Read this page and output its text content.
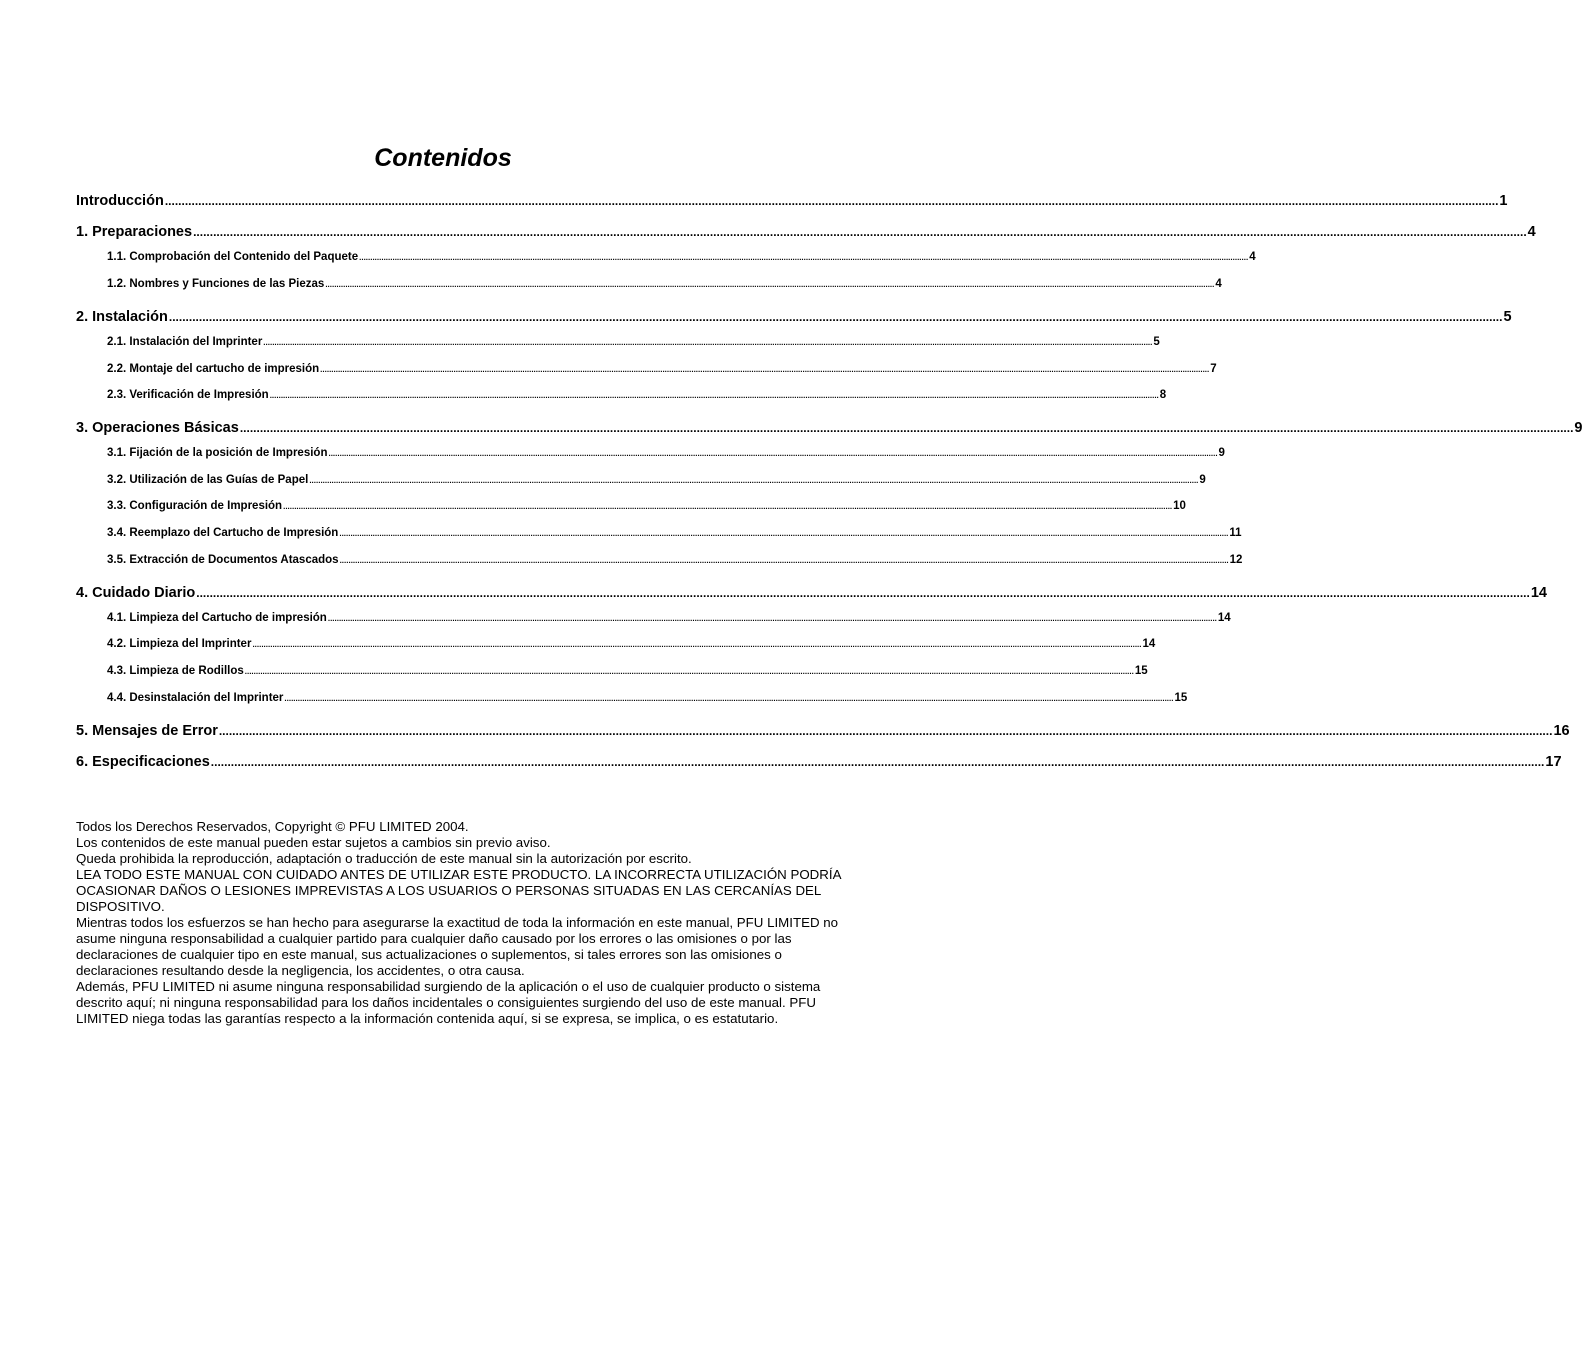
Contenidos
Introducción ................................................................................................................................................................................................................................................................................................................................................................................................................ 1
1. Preparaciones ................................................................................................................................................................................................................................................................................................................................................................................................................ 4
1.1. Comprobación del Contenido del Paquete ................................................................................................................................................................................................................................................................................................................................................................................................................ 4
1.2. Nombres y Funciones de las Piezas ................................................................................................................................................................................................................................................................................................................................................................................................................ 4
2. Instalación ................................................................................................................................................................................................................................................................................................................................................................................................................ 5
2.1. Instalación del Imprinter ................................................................................................................................................................................................................................................................................................................................................................................................................ 5
2.2. Montaje del cartucho de impresión ................................................................................................................................................................................................................................................................................................................................................................................................................ 7
2.3. Verificación de Impresión ................................................................................................................................................................................................................................................................................................................................................................................................................ 8
3. Operaciones Básicas ................................................................................................................................................................................................................................................................................................................................................................................................................ 9
3.1. Fijación de la posición de Impresión ................................................................................................................................................................................................................................................................................................................................................................................................................ 9
3.2. Utilización de las Guías de Papel ................................................................................................................................................................................................................................................................................................................................................................................................................ 9
3.3. Configuración de Impresión ................................................................................................................................................................................................................................................................................................................................................................................................................ 10
3.4. Reemplazo del Cartucho de Impresión ................................................................................................................................................................................................................................................................................................................................................................................................................ 11
3.5. Extracción de Documentos Atascados ................................................................................................................................................................................................................................................................................................................................................................................................................ 12
4. Cuidado Diario ................................................................................................................................................................................................................................................................................................................................................................................................................ 14
4.1. Limpieza del Cartucho de impresión ................................................................................................................................................................................................................................................................................................................................................................................................................ 14
4.2. Limpieza del Imprinter ................................................................................................................................................................................................................................................................................................................................................................................................................ 14
4.3. Limpieza de Rodillos ................................................................................................................................................................................................................................................................................................................................................................................................................ 15
4.4. Desinstalación del Imprinter ................................................................................................................................................................................................................................................................................................................................................................................................................ 15
5. Mensajes de Error ................................................................................................................................................................................................................................................................................................................................................................................................................ 16
6. Especificaciones ................................................................................................................................................................................................................................................................................................................................................................................................................ 17

Todos los Derechos Reservados, Copyright © PFU LIMITED 2004.

Los contenidos de este manual pueden estar sujetos a cambios sin previo aviso.

Queda prohibida la reproducción, adaptación o traducción de este manual sin la autorización por escrito.

LEA TODO ESTE MANUAL CON CUIDADO ANTES DE UTILIZAR ESTE PRODUCTO. LA INCORRECTA UTILIZACIÓN PODRÍA OCASIONAR DAÑOS O LESIONES IMPREVISTAS A LOS USUARIOS O PERSONAS SITUADAS EN LAS CERCANÍAS DEL DISPOSITIVO.

Mientras todos los esfuerzos se han hecho para asegurarse la exactitud de toda la información en este manual, PFU LIMITED no asume ninguna responsabilidad a cualquier partido para cualquier daño causado por los errores o las omisiones o por las declaraciones de cualquier tipo en este manual, sus actualizaciones o suplementos, si tales errores son las omisiones o declaraciones resultando desde la negligencia, los accidentes, o otra causa.

Además, PFU LIMITED ni asume ninguna responsabilidad surgiendo de la aplicación o el uso de cualquier producto o sistema descrito aquí; ni ninguna responsabilidad para los daños incidentales o consiguientes surgiendo del uso de este manual. PFU LIMITED niega todas las garantías respecto a la información contenida aquí, si se expresa, se implica, o es estatutario.
